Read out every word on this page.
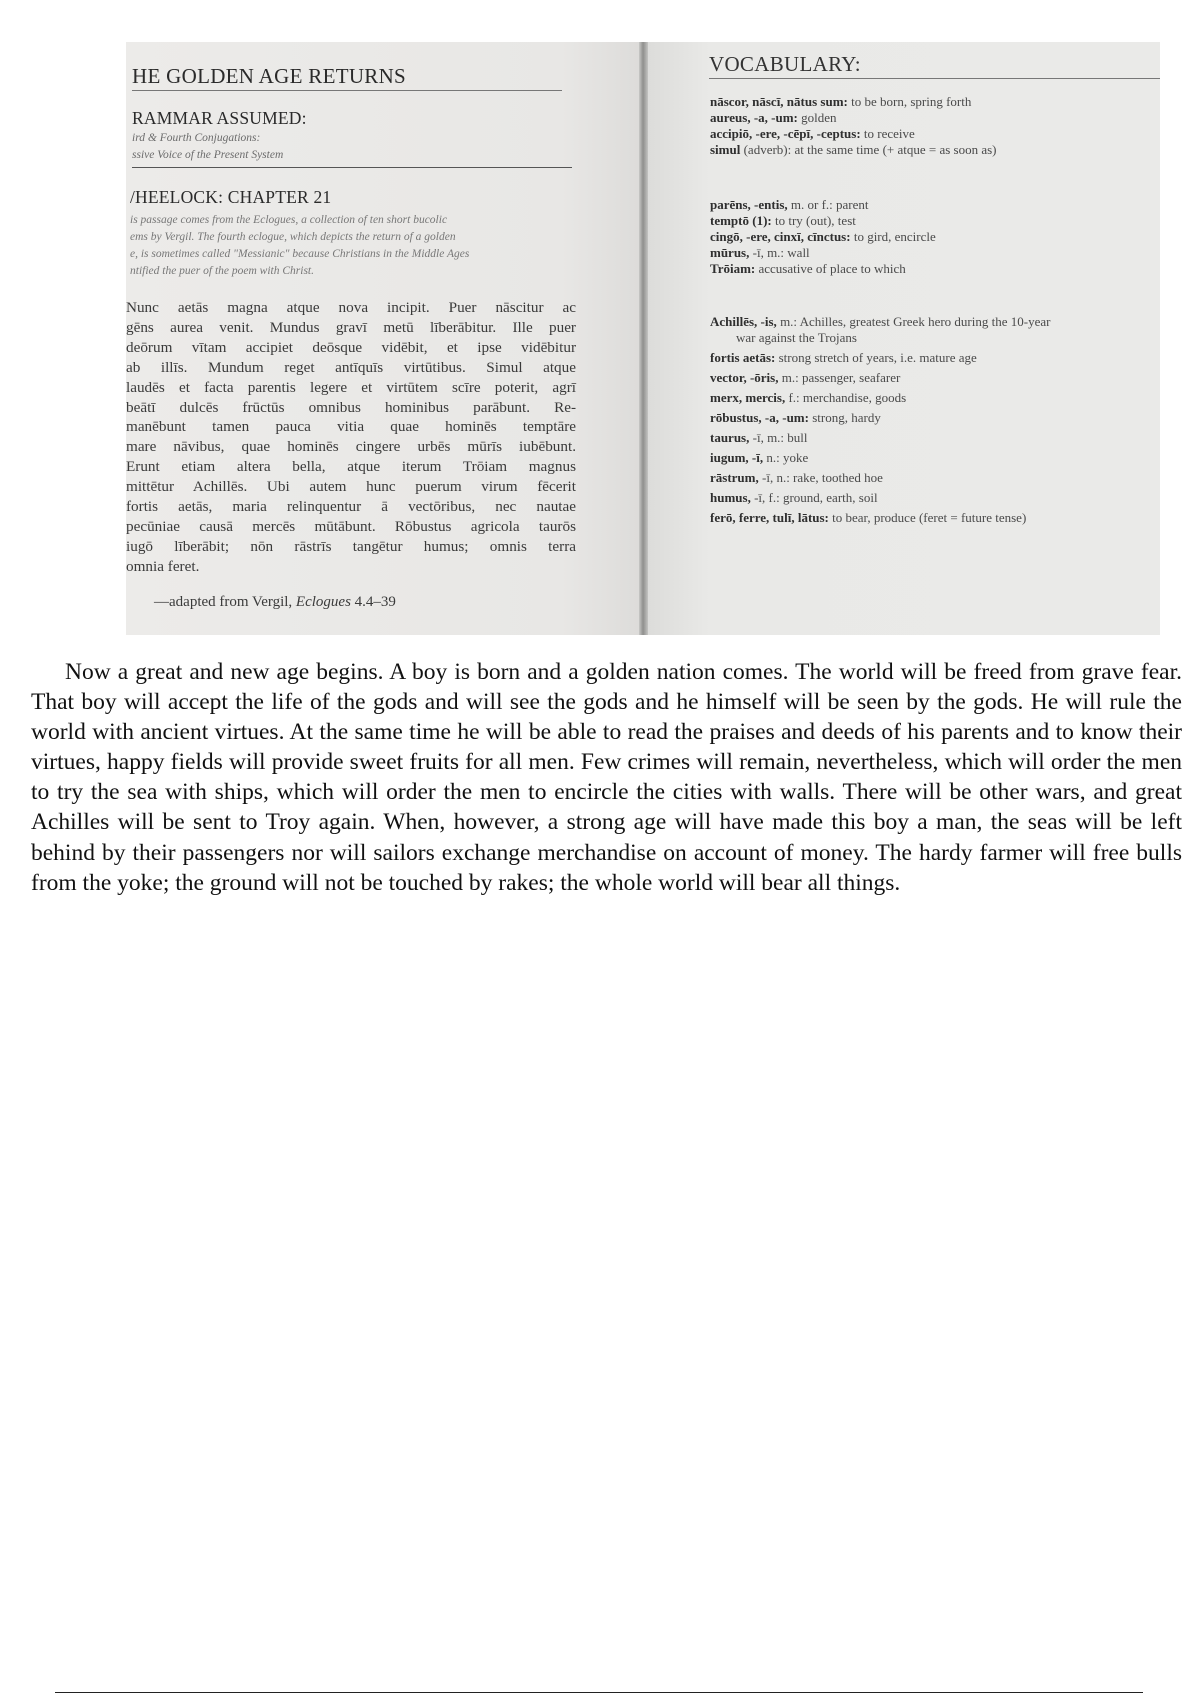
HE GOLDEN AGE RETURNS
RAMMAR ASSUMED:
ird & Fourth Conjugations:
ssive Voice of the Present System
/HEELOCK: CHAPTER 21
is passage comes from the Eclogues, a collection of ten short bucolic
ems by Vergil. The fourth eclogue, which depicts the return of a golden
e, is sometimes called "Messianic" because Christians in the Middle Ages
ntified the puer of the poem with Christ.
Nunc aetās magna atque nova incipit. Puer nāscitur ac
gēns aurea venit. Mundus gravī metū līberābitur. Ille puer
deōrum vītam accipiet deōsque vidēbit, et ipse vidēbitur
ab illīs. Mundum reget antīquīs virtūtibus. Simul atque
laudēs et facta parentis legere et virtūtem scīre poterit, agrī
beātī dulcēs frūctūs omnibus hominibus parābunt. Re-
manēbunt tamen pauca vitia quae hominēs temptāre
mare nāvibus, quae hominēs cingere urbēs mūrīs iubēbunt.
Erunt etiam altera bella, atque iterum Trōiam magnus
mittētur Achillēs. Ubi autem hunc puerum virum fēcerit
fortis aetās, maria relinquentur ā vectōribus, nec nautae
pecūniae causā mercēs mūtābunt. Rōbustus agricola taurōs
iugō līberābit; nōn rāstrīs tangētur humus; omnis terra
omnia feret.
—adapted from Vergil, Eclogues 4.4–39
VOCABULARY:
nāscor, nāscī, nātus sum: to be born, spring forth
aureus, -a, -um: golden
accipiō, -ere, -cēpī, -ceptus: to receive
simul (adverb): at the same time (+ atque = as soon as)
parēns, -entis, m. or f.: parent
temptō (1): to try (out), test
cingō, -ere, cinxī, cīnctus: to gird, encircle
mūrus, -ī, m.: wall
Trōiam: accusative of place to which
Achillēs, -is, m.: Achilles, greatest Greek hero during the 10-year
war against the Trojans
fortis aetās: strong stretch of years, i.e. mature age
vector, -ōris, m.: passenger, seafarer
merx, mercis, f.: merchandise, goods
rōbustus, -a, -um: strong, hardy
taurus, -ī, m.: bull
iugum, -ī, n.: yoke
rāstrum, -ī, n.: rake, toothed hoe
humus, -ī, f.: ground, earth, soil
ferō, ferre, tulī, lātus: to bear, produce (feret = future tense)

Now a great and new age begins. A boy is born and a golden nation comes. The world will be freed from grave fear. That boy will accept the life of the gods and will see the gods and he himself will be seen by the gods. He will rule the world with ancient virtues. At the same time he will be able to read the praises and deeds of his parents and to know their virtues, happy fields will provide sweet fruits for all men. Few crimes will remain, nevertheless, which will order the men to try the sea with ships, which will order the men to encircle the cities with walls. There will be other wars, and great Achilles will be sent to Troy again. When, however, a strong age will have made this boy a man, the seas will be left behind by their passengers nor will sailors exchange merchandise on account of money. The hardy farmer will free bulls from the yoke; the ground will not be touched by rakes; the whole world will bear all things.
